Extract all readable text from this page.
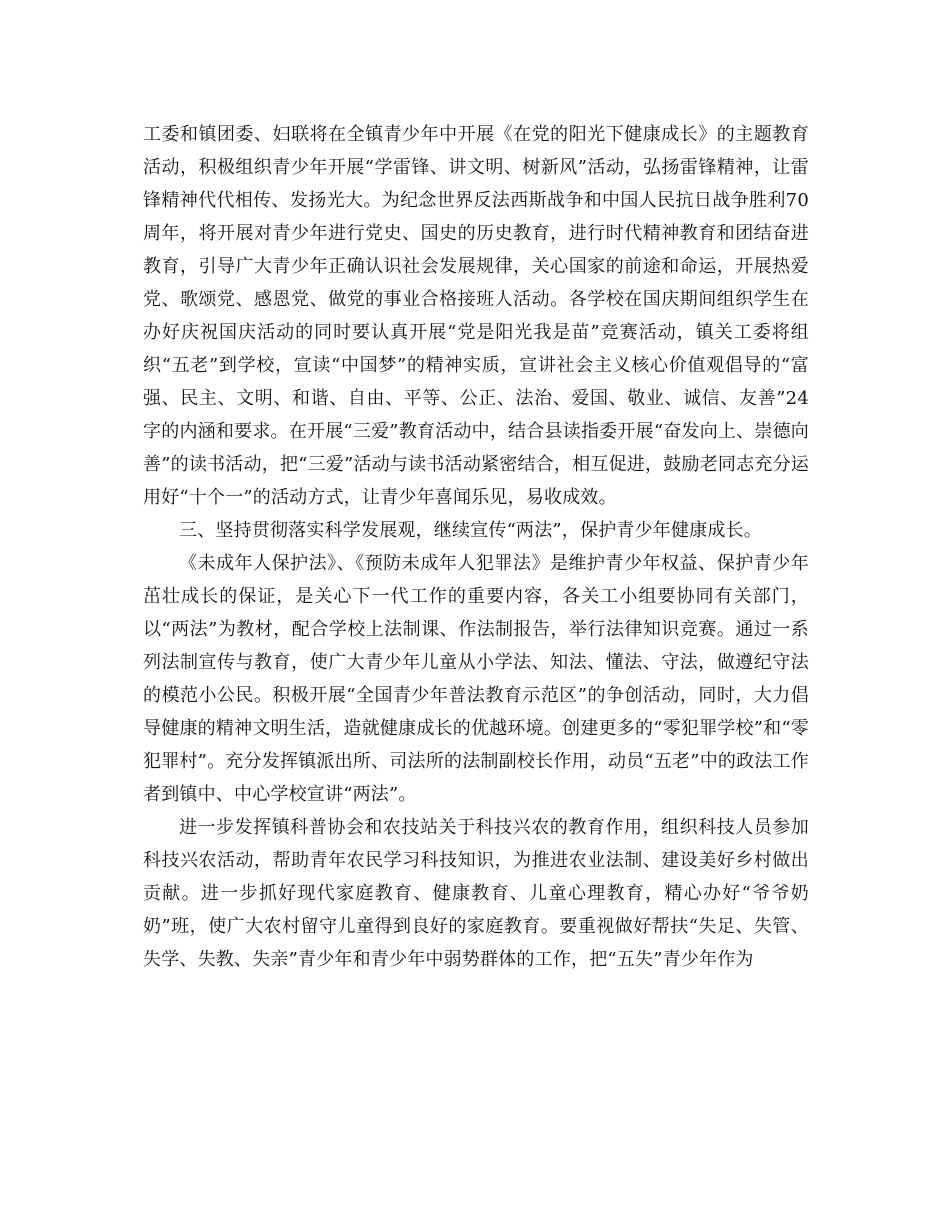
工委和镇团委、妇联将在全镇青少年中开展《在党的阳光下健康成长》的主题教育活动，积极组织青少年开展“学雷锋、讲文明、树新风”活动，弘扬雷锋精神，让雷锋精神代代相传、发扬光大。为纪念世界反法西斯战争和中国人民抗日战争胜利70周年，将开展对青少年进行党史、国史的历史教育，进行时代精神教育和团结奋进教育，引导广大青少年正确认识社会发展规律，关心国家的前途和命运，开展热爱党、歌颂党、感恩党、做党的事业合格接班人活动。各学校在国庆期间组织学生在办好庆祝国庆活动的同时要认真开展“党是阳光我是苗”竞赛活动，镇关工委将组织“五老”到学校，宣读“中国梦”的精神实质，宣讲社会主义核心价值观倡导的“富强、民主、文明、和谐、自由、平等、公正、法治、爱国、敬业、诚信、友善”24字的内涵和要求。在开展“三爱”教育活动中，结合县读指委开展“奋发向上、崇德向善”的读书活动，把“三爱”活动与读书活动紧密结合，相互促进，鼓励老同志充分运用好“十个一”的活动方式，让青少年喜闻乐见，易收成效。

三、坚持贯彻落实科学发展观，继续宣传“两法”，保护青少年健康成长。

《未成年人保护法》、《预防未成年人犯罪法》是维护青少年权益、保护青少年茁壮成长的保证，是关心下一代工作的重要内容，各关工小组要协同有关部门，以“两法”为教材，配合学校上法制课、作法制报告，举行法律知识竞赛。通过一系列法制宣传与教育，使广大青少年儿童从小学法、知法、懂法、守法，做遵纪守法的模范小公民。积极开展“全国青少年普法教育示范区”的争创活动，同时，大力倡导健康的精神文明生活，造就健康成长的优越环境。创建更多的“零犯罪学校”和“零犯罪村”。充分发挥镇派出所、司法所的法制副校长作用，动员“五老”中的政法工作者到镇中、中心学校宣讲“两法”。

进一步发挥镇科普协会和农技站关于科技兴农的教育作用，组织科技人员参加科技兴农活动，帮助青年农民学习科技知识，为推进农业法制、建设美好乡村做出贡献。进一步抓好现代家庭教育、健康教育、儿童心理教育，精心办好“爷爷奶奶”班，使广大农村留守儿童得到良好的家庭教育。要重视做好帮扶“失足、失管、失学、失教、失亲”青少年和青少年中弱势群体的工作，把“五失”青少年作为
